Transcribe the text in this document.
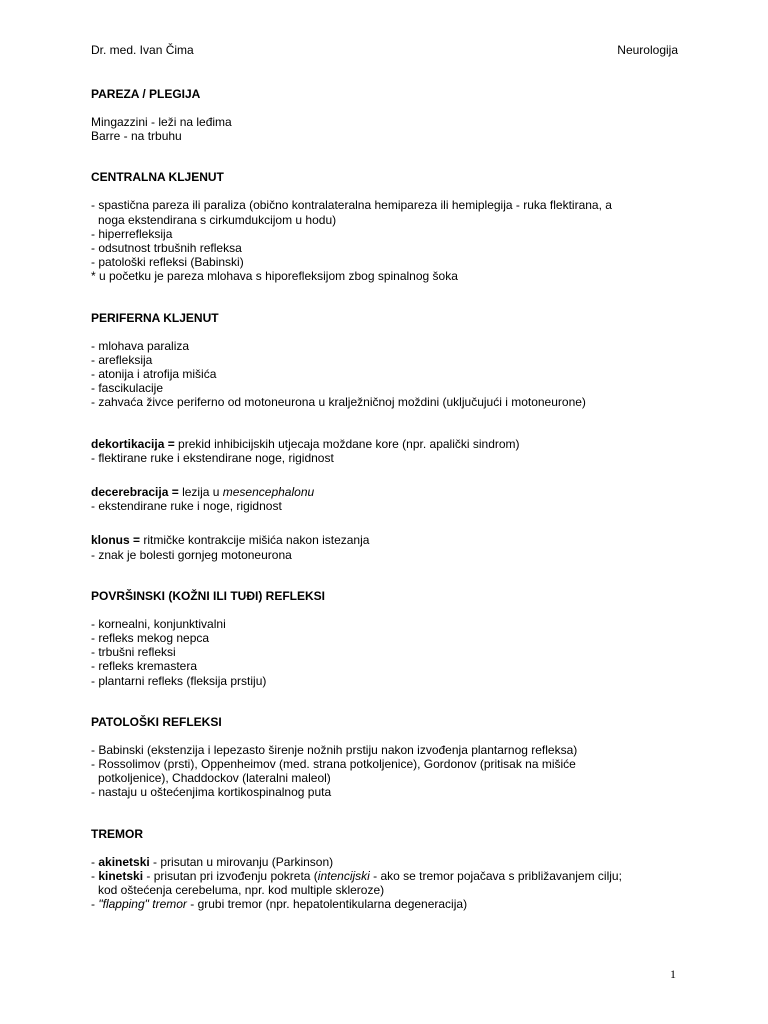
Dr. med. Ivan Čima	Neurologija

PAREZA / PLEGIJA

Mingazzini - leži na leđima

Barre - na trbuhu

CENTRALNA KLJENUT

- spastična pareza ili paraliza (obično kontralateralna hemipareza ili hemiplegija - ruka flektirana, a

noga ekstendirana s cirkumdukcijom u hodu)

- hiperrefleksija

- odsutnost trbušnih refleksa

- patološki refleksi (Babinski)

* u početku je pareza mlohava s hiporefleksijom zbog spinalnog šoka

PERIFERNA KLJENUT

- mlohava paraliza

- arefleksija

- atonija i atrofija mišića

- fascikulacije

- zahvaća živce periferno od motoneurona u kralježničnoj moždini (uključujući i motoneurone)

dekortikacija = prekid inhibicijskih utjecaja moždane kore (npr. apalički sindrom)

- flektirane ruke i ekstendirane noge, rigidnost

decerebracija = lezija u mesencephalonu

- ekstendirane ruke i noge, rigidnost

klonus = ritmičke kontrakcije mišića nakon istezanja

- znak je bolesti gornjeg motoneurona

POVRŠINSKI (KOŽNI ILI TUĐI) REFLEKSI

- kornealni, konjunktivalni

- refleks mekog nepca

- trbušni refleksi

- refleks kremastera

- plantarni refleks (fleksija prstiju)

PATOLOŠKI REFLEKSI

- Babinski (ekstenzija i lepezasto širenje nožnih prstiju nakon izvođenja plantarnog refleksa)

- Rossolimov (prsti), Oppenheimov (med. strana potkoljenice), Gordonov (pritisak na mišiće

potkoljenice), Chaddockov (lateralni maleol)

- nastaju u oštećenjima kortikospinalnog puta

TREMOR

- akinetski - prisutan u mirovanju (Parkinson)

- kinetski - prisutan pri izvođenju pokreta (intencijski - ako se tremor pojačava s približavanjem cilju;

kod oštećenja cerebeluma, npr. kod multiple skleroze)

- "flapping" tremor - grubi tremor (npr. hepatolentikularna degeneracija)

1
